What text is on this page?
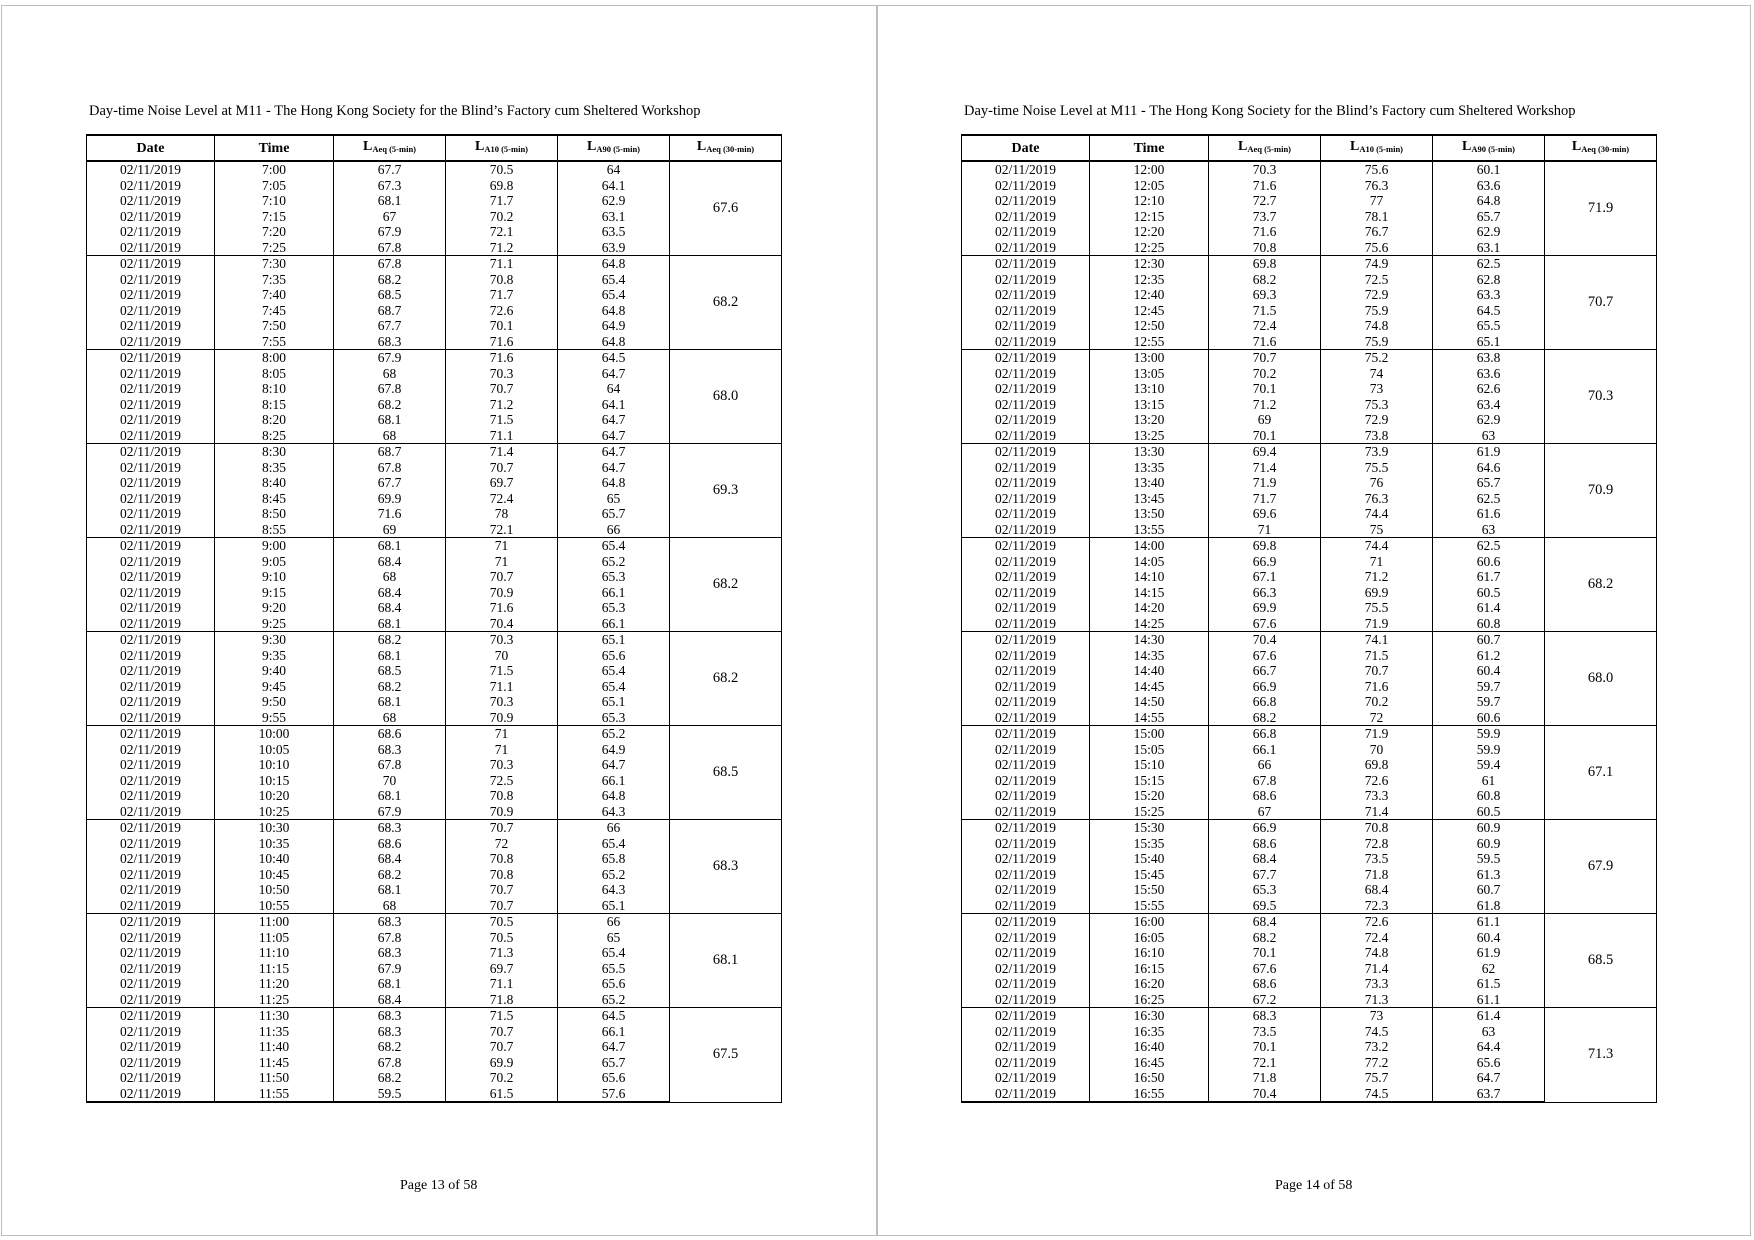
Day-time Noise Level at M11 - The Hong Kong Society for the Blind’s Factory cum Sheltered Workshop
Date	Time	$L_{Aeq (5-min)}$	$L_{A10 (5-min)}$	$L_{A90 (5-min)}$	$L_{Aeq (30-min)}$
02/11/2019	7:00	67.7	70.5	64	67.6
02/11/2019	7:05	67.3	69.8	64.1	
02/11/2019	7:10	68.1	71.7	62.9	
02/11/2019	7:15	67	70.2	63.1	
02/11/2019	7:20	67.9	72.1	63.5	
02/11/2019	7:25	67.8	71.2	63.9	
02/11/2019	7:30	67.8	71.1	64.8	68.2
02/11/2019	7:35	68.2	70.8	65.4	
02/11/2019	7:40	68.5	71.7	65.4	
02/11/2019	7:45	68.7	72.6	64.8	
02/11/2019	7:50	67.7	70.1	64.9	
02/11/2019	7:55	68.3	71.6	64.8	
02/11/2019	8:00	67.9	71.6	64.5	68.0
02/11/2019	8:05	68	70.3	64.7	
02/11/2019	8:10	67.8	70.7	64	
02/11/2019	8:15	68.2	71.2	64.1	
02/11/2019	8:20	68.1	71.5	64.7	
02/11/2019	8:25	68	71.1	64.7	
02/11/2019	8:30	68.7	71.4	64.7	69.3
02/11/2019	8:35	67.8	70.7	64.7	
02/11/2019	8:40	67.7	69.7	64.8	
02/11/2019	8:45	69.9	72.4	65	
02/11/2019	8:50	71.6	78	65.7	
02/11/2019	8:55	69	72.1	66	
02/11/2019	9:00	68.1	71	65.4	68.2
02/11/2019	9:05	68.4	71	65.2	
02/11/2019	9:10	68	70.7	65.3	
02/11/2019	9:15	68.4	70.9	66.1	
02/11/2019	9:20	68.4	71.6	65.3	
02/11/2019	9:25	68.1	70.4	66.1	
02/11/2019	9:30	68.2	70.3	65.1	68.2
02/11/2019	9:35	68.1	70	65.6	
02/11/2019	9:40	68.5	71.5	65.4	
02/11/2019	9:45	68.2	71.1	65.4	
02/11/2019	9:50	68.1	70.3	65.1	
02/11/2019	9:55	68	70.9	65.3	
02/11/2019	10:00	68.6	71	65.2	68.5
02/11/2019	10:05	68.3	71	64.9	
02/11/2019	10:10	67.8	70.3	64.7	
02/11/2019	10:15	70	72.5	66.1	
02/11/2019	10:20	68.1	70.8	64.8	
02/11/2019	10:25	67.9	70.9	64.3	
02/11/2019	10:30	68.3	70.7	66	68.3
02/11/2019	10:35	68.6	72	65.4	
02/11/2019	10:40	68.4	70.8	65.8	
02/11/2019	10:45	68.2	70.8	65.2	
02/11/2019	10:50	68.1	70.7	64.3	
02/11/2019	10:55	68	70.7	65.1	
02/11/2019	11:00	68.3	70.5	66	68.1
02/11/2019	11:05	67.8	70.5	65	
02/11/2019	11:10	68.3	71.3	65.4	
02/11/2019	11:15	67.9	69.7	65.5	
02/11/2019	11:20	68.1	71.1	65.6	
02/11/2019	11:25	68.4	71.8	65.2	
02/11/2019	11:30	68.3	71.5	64.5	67.5
02/11/2019	11:35	68.3	70.7	66.1	
02/11/2019	11:40	68.2	70.7	64.7	
02/11/2019	11:45	67.8	69.9	65.7	
02/11/2019	11:50	68.2	70.2	65.6	
02/11/2019	11:55	59.5	61.5	57.6	
Page 13 of 58
Day-time Noise Level at M11 - The Hong Kong Society for the Blind’s Factory cum Sheltered Workshop
Date	Time	$L_{Aeq (5-min)}$	$L_{A10 (5-min)}$	$L_{A90 (5-min)}$	$L_{Aeq (30-min)}$
02/11/2019	12:00	70.3	75.6	60.1	71.9
02/11/2019	12:05	71.6	76.3	63.6	
02/11/2019	12:10	72.7	77	64.8	
02/11/2019	12:15	73.7	78.1	65.7	
02/11/2019	12:20	71.6	76.7	62.9	
02/11/2019	12:25	70.8	75.6	63.1	
02/11/2019	12:30	69.8	74.9	62.5	70.7
02/11/2019	12:35	68.2	72.5	62.8	
02/11/2019	12:40	69.3	72.9	63.3	
02/11/2019	12:45	71.5	75.9	64.5	
02/11/2019	12:50	72.4	74.8	65.5	
02/11/2019	12:55	71.6	75.9	65.1	
02/11/2019	13:00	70.7	75.2	63.8	70.3
02/11/2019	13:05	70.2	74	63.6	
02/11/2019	13:10	70.1	73	62.6	
02/11/2019	13:15	71.2	75.3	63.4	
02/11/2019	13:20	69	72.9	62.9	
02/11/2019	13:25	70.1	73.8	63	
02/11/2019	13:30	69.4	73.9	61.9	70.9
02/11/2019	13:35	71.4	75.5	64.6	
02/11/2019	13:40	71.9	76	65.7	
02/11/2019	13:45	71.7	76.3	62.5	
02/11/2019	13:50	69.6	74.4	61.6	
02/11/2019	13:55	71	75	63	
02/11/2019	14:00	69.8	74.4	62.5	68.2
02/11/2019	14:05	66.9	71	60.6	
02/11/2019	14:10	67.1	71.2	61.7	
02/11/2019	14:15	66.3	69.9	60.5	
02/11/2019	14:20	69.9	75.5	61.4	
02/11/2019	14:25	67.6	71.9	60.8	
02/11/2019	14:30	70.4	74.1	60.7	68.0
02/11/2019	14:35	67.6	71.5	61.2	
02/11/2019	14:40	66.7	70.7	60.4	
02/11/2019	14:45	66.9	71.6	59.7	
02/11/2019	14:50	66.8	70.2	59.7	
02/11/2019	14:55	68.2	72	60.6	
02/11/2019	15:00	66.8	71.9	59.9	67.1
02/11/2019	15:05	66.1	70	59.9	
02/11/2019	15:10	66	69.8	59.4	
02/11/2019	15:15	67.8	72.6	61	
02/11/2019	15:20	68.6	73.3	60.8	
02/11/2019	15:25	67	71.4	60.5	
02/11/2019	15:30	66.9	70.8	60.9	67.9
02/11/2019	15:35	68.6	72.8	60.9	
02/11/2019	15:40	68.4	73.5	59.5	
02/11/2019	15:45	67.7	71.8	61.3	
02/11/2019	15:50	65.3	68.4	60.7	
02/11/2019	15:55	69.5	72.3	61.8	
02/11/2019	16:00	68.4	72.6	61.1	68.5
02/11/2019	16:05	68.2	72.4	60.4	
02/11/2019	16:10	70.1	74.8	61.9	
02/11/2019	16:15	67.6	71.4	62	
02/11/2019	16:20	68.6	73.3	61.5	
02/11/2019	16:25	67.2	71.3	61.1	
02/11/2019	16:30	68.3	73	61.4	71.3
02/11/2019	16:35	73.5	74.5	63	
02/11/2019	16:40	70.1	73.2	64.4	
02/11/2019	16:45	72.1	77.2	65.6	
02/11/2019	16:50	71.8	75.7	64.7	
02/11/2019	16:55	70.4	74.5	63.7	
Page 14 of 58
